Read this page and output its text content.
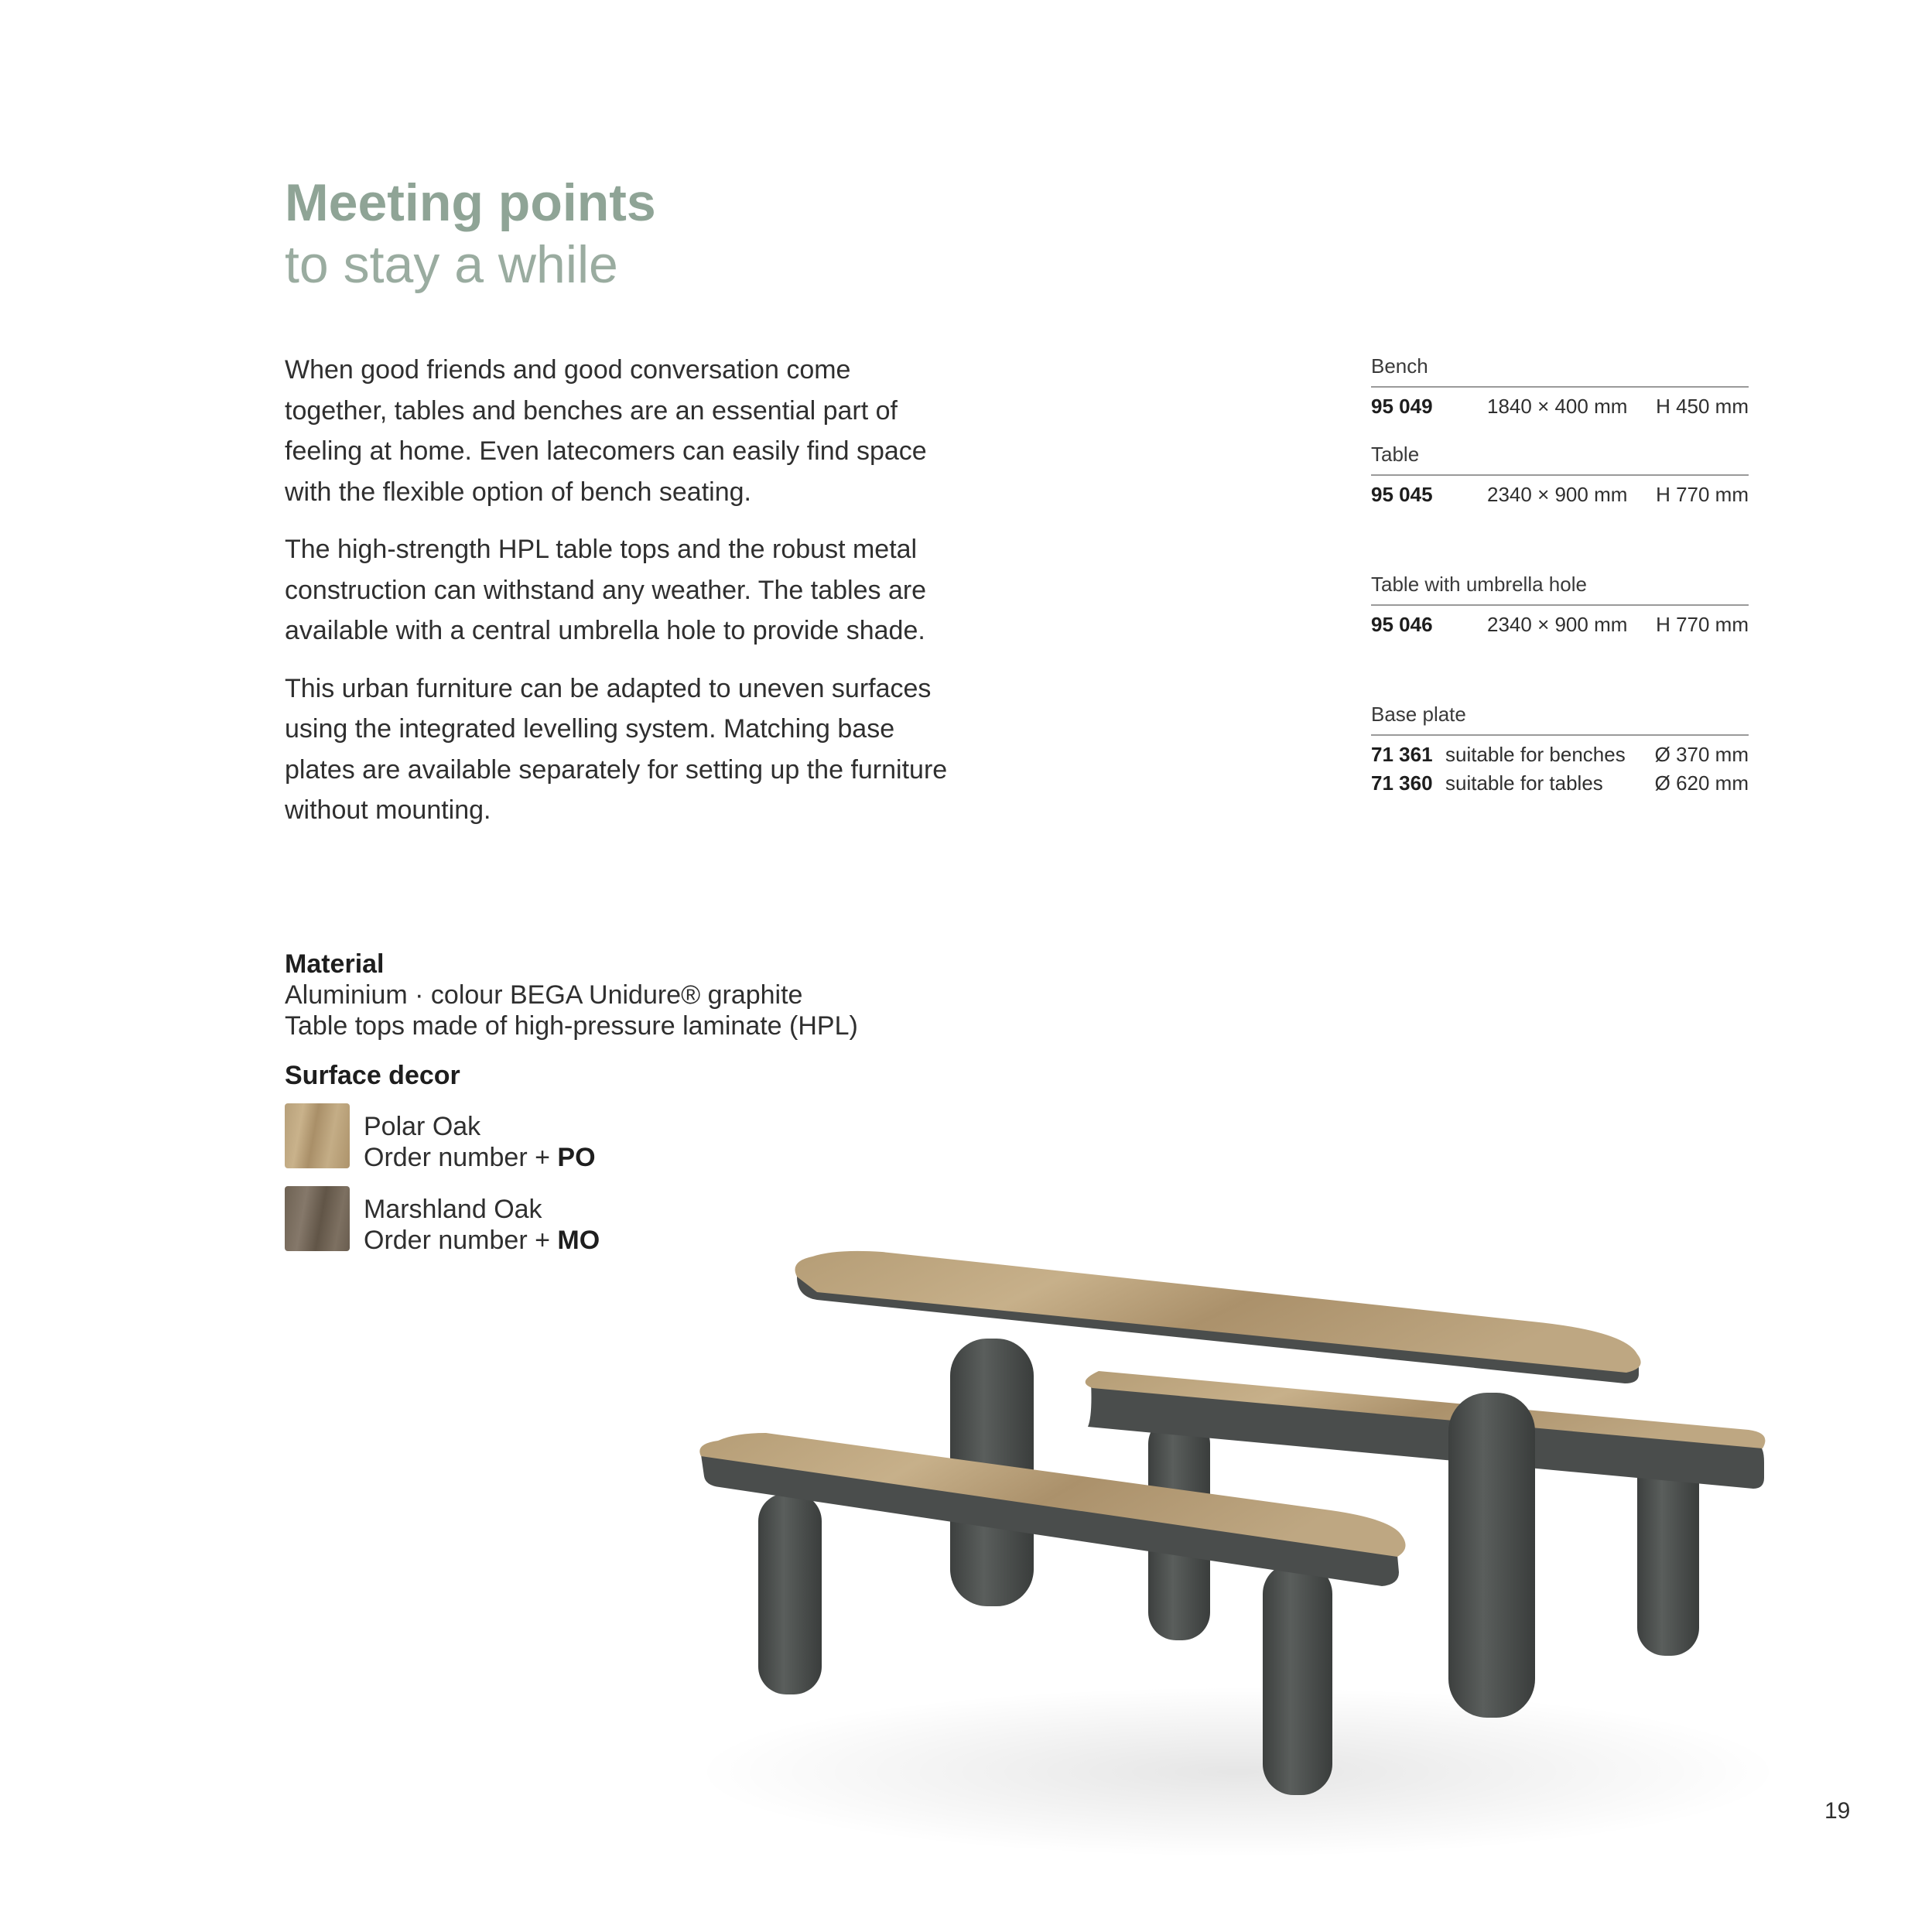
Meeting points
to stay a while

When good friends and good conversation come together, tables and benches are an essential part of feeling at home. Even latecomers can easily find space with the flexible option of bench seating.

The high-strength HPL table tops and the robust metal construction can withstand any weather. The tables are available with a central umbrella hole to provide shade.

This urban furniture can be adapted to uneven surfaces using the integrated levelling system. Matching base plates are available separately for setting up the furniture without mounting.

Material
Aluminium · colour BEGA Unidure® graphite
Table tops made of high-pressure laminate (HPL)
Surface decor
Polar Oak
Order number + PO
Marshland Oak
Order number + MO
Bench
95 049	1840 × 400 mm H 450 mm
Table
95 045	2340 × 900 mm H 770 mm
Table with umbrella hole
95 046	2340 × 900 mm H 770 mm
Base plate
71 361 suitable for benches Ø 370 mm
71 360 suitable for tables	Ø 620 mm
19
